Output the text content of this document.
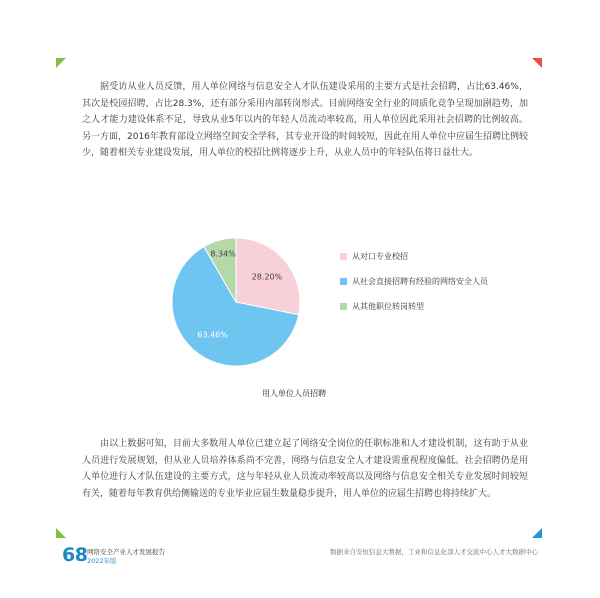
据受访从业人员反馈，用人单位网络与信息安全人才队伍建设采用的主要方式是社会招聘，占比63.46%，其次是校园招聘，占比28.3%，还有部分采用内部转岗形式。目前网络安全行业的同质化竞争呈现加剧趋势，加之人才能力建设体系不足，导致从业5年以内的年轻人员流动率较高，用人单位因此采用社会招聘的比例较高。另一方面，2016年教育部设立网络空间安全学科，其专业开设的时间较短，因此在用人单位中应届生招聘比例较少，随着相关专业建设发展，用人单位的校招比例将逐步上升，从业人员中的年轻队伍将日益壮大。

28.20%
63.46%
8.34%	从对口专业校招
从社会直接招聘有经验的网络安全人员
从其他职位转岗转型
用人单位人员招聘

由以上数据可知，目前大多数用人单位已建立起了网络安全岗位的任职标准和人才建设机制，这有助于从业人员进行发展规划，但从业人员培养体系尚不完善，网络与信息安全人才建设需重视程度偏低。社会招聘仍是用人单位进行人才队伍建设的主要方式，这与年轻从业人员流动率较高以及网络与信息安全相关专业发展时间较短有关，随着每年教育供给侧输送的专业毕业应届生数量稳步提升，用人单位的应届生招聘也将持续扩大。

68 网络安全产业人才发展报告
2022年版
数据来自安恒信息大数据，工业和信息化部人才交流中心人才大数据中心
